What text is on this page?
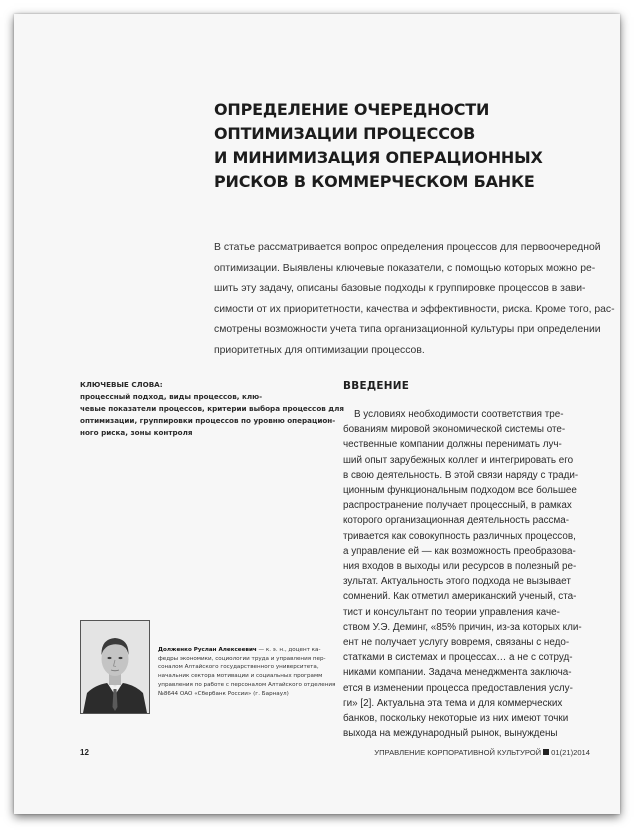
ОПРЕДЕЛЕНИЕ ОЧЕРЕДНОСТИ
ОПТИМИЗАЦИИ ПРОЦЕССОВ
И МИНИМИЗАЦИЯ ОПЕРАЦИОННЫХ
РИСКОВ В КОММЕРЧЕСКОМ БАНКЕ
В статье рассматривается вопрос определения процессов для первоочередной
оптимизации. Выявлены ключевые показатели, с помощью которых можно ре-
шить эту задачу, описаны базовые подходы к группировке процессов в зави-
симости от их приоритетности, качества и эффективности, риска. Кроме того, рас-
смотрены возможности учета типа организационной культуры при определении
приоритетных для оптимизации процессов.
КЛЮЧЕВЫЕ СЛОВА:
процессный подход, виды процессов, клю-
чевые показатели процессов, критерии выбора процессов для
оптимизации, группировки процессов по уровню операцион-
ного риска, зоны контроля
ВВЕДЕНИЕ
В условиях необходимости соответствия тре-
бованиям мировой экономической системы оте-
чественные компании должны перенимать луч-
ший опыт зарубежных коллег и интегрировать его
в свою деятельность. В этой связи наряду с тради-
ционным функциональным подходом все большее
распространение получает процессный, в рамках
которого организационная деятельность рассма-
тривается как совокупность различных процессов,
а управление ей — как возможность преобразова-
ния входов в выходы или ресурсов в полезный ре-
зультат. Актуальность этого подхода не вызывает
сомнений. Как отметил американский ученый, ста-
тист и консультант по теории управления каче-
ством У.Э. Деминг, «85% причин, из-за которых кли-
ент не получает услугу вовремя, связаны с недо-
статками в системах и процессах… а не с сотруд-
никами компании. Задача менеджмента заключа-
ется в изменении процесса предоставления услу-
ги» [2]. Актуальна эта тема и для коммерческих
банков, поскольку некоторые из них имеют точки
выхода на международный рынок, вынуждены
Долженко Руслан Алексеевич — к. э. н., доцент ка-
федры экономики, социологии труда и управления пер-
соналом Алтайского государственного университета,
начальник сектора мотивации и социальных программ
управления по работе с персоналом Алтайского отделения
№8644 ОАО «Сбербанк России» (г. Барнаул)
12	УПРАВЛЕНИЕ КОРПОРАТИВНОЙ КУЛЬТУРОЙ 01(21)2014
